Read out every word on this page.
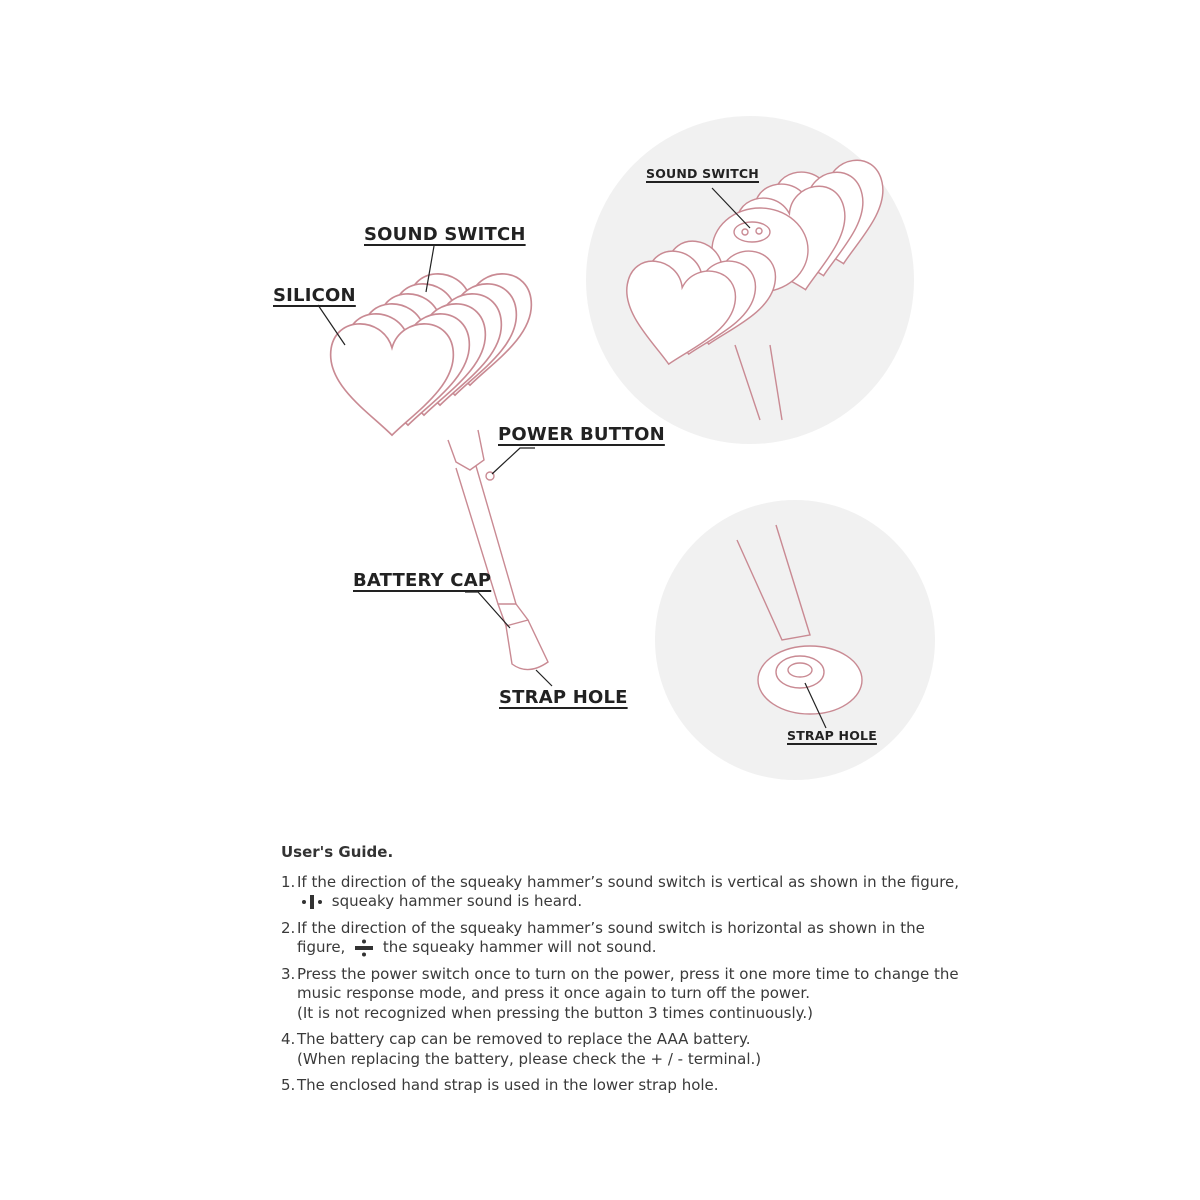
SOUND SWITCH
SILICON
POWER BUTTON
BATTERY CAP
STRAP HOLE
SOUND SWITCH
STRAP HOLE
User's Guide.
1. If the direction of the squeaky hammer’s sound switch is vertical as shown in the figure,  squeaky hammer sound is heard.
2. If the direction of the squeaky hammer’s sound switch is horizontal as shown in the figure,	the squeaky hammer will not sound.
3. Press the power switch once to turn on the power, press it one more time to change the music response mode, and press it once again to turn off the power.
(It is not recognized when pressing the button 3 times continuously.)
4. The battery cap can be removed to replace the AAA battery.
(When replacing the battery, please check the + / - terminal.)
5. The enclosed hand strap is used in the lower strap hole.
